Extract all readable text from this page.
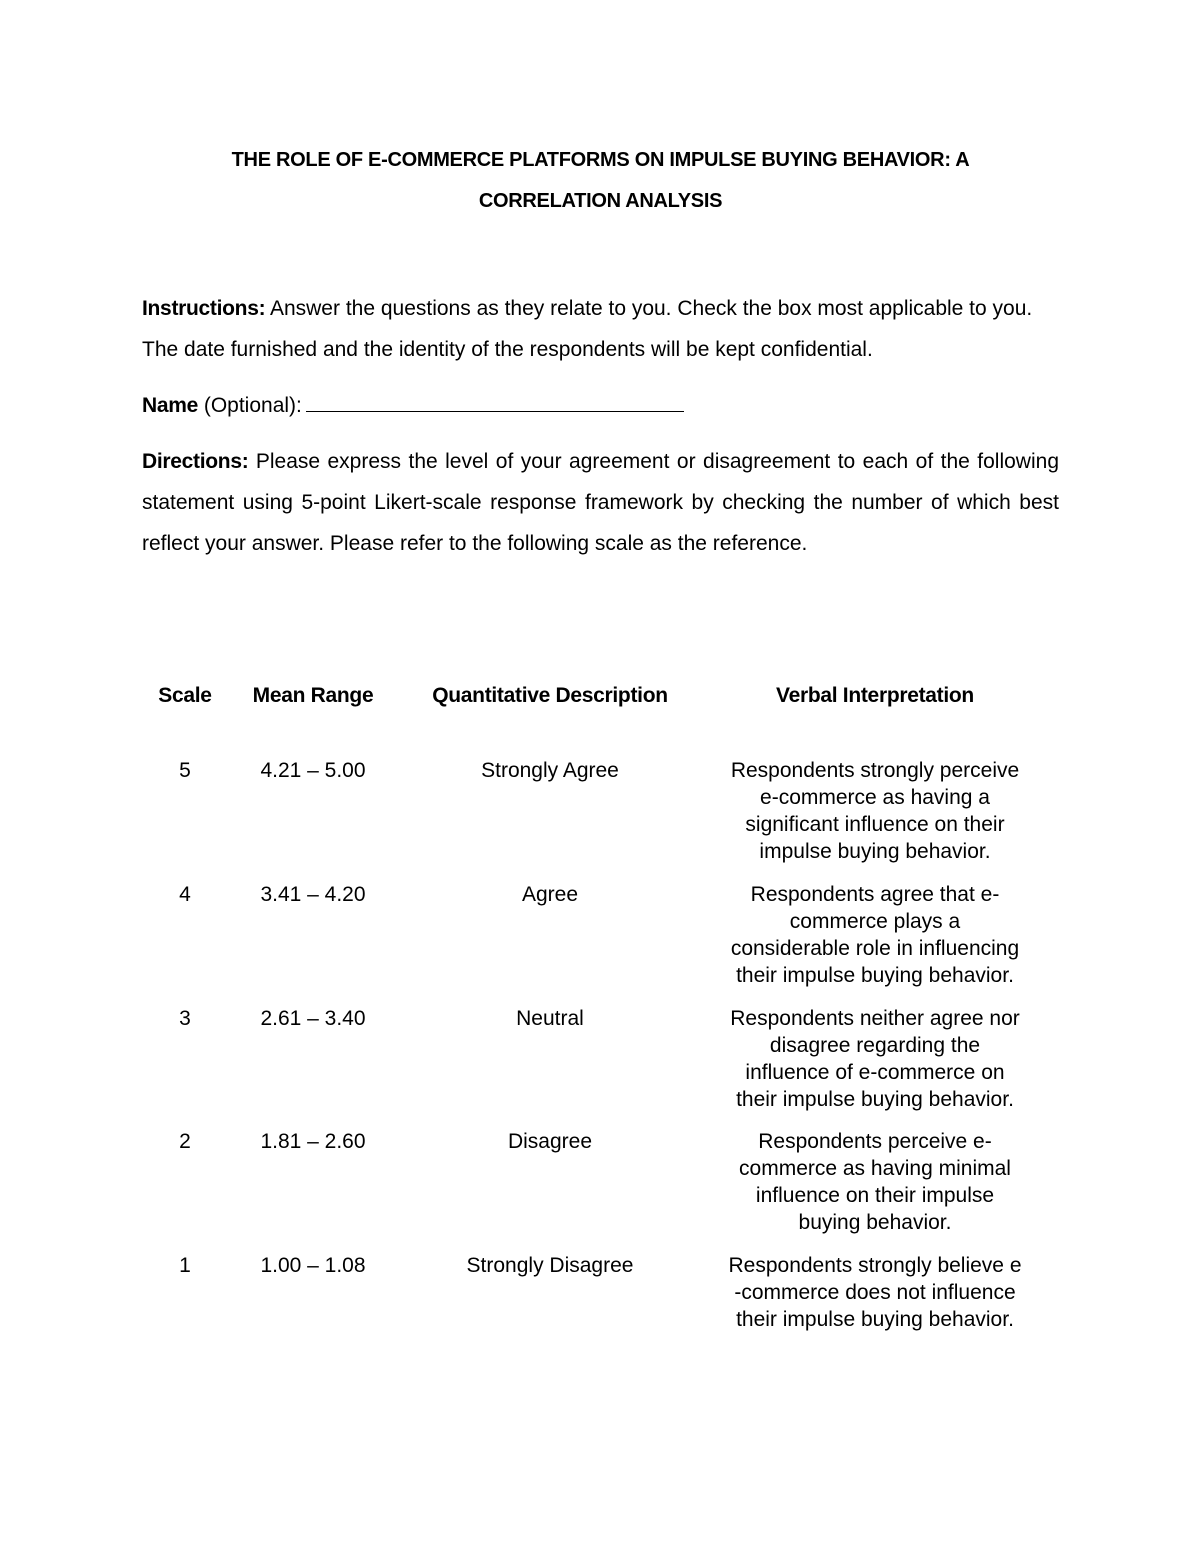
THE ROLE OF E-COMMERCE PLATFORMS ON IMPULSE BUYING BEHAVIOR: A
CORRELATION ANALYSIS
Instructions: Answer the questions as they relate to you. Check the box most applicable to you. The date furnished and the identity of the respondents will be kept confidential.
Name (Optional):
Directions: Please express the level of your agreement or disagreement to each of the following statement using 5-point Likert-scale response framework by checking the number of which best reflect your answer. Please refer to the following scale as the reference.
Scale	Mean Range	Quantitative Description	Verbal Interpretation
5	4.21 – 5.00	Strongly Agree	Respondents strongly perceive
e-commerce as having a
significant influence on their
impulse buying behavior.
4	3.41 – 4.20	Agree	Respondents agree that e-
commerce plays a
considerable role in influencing
their impulse buying behavior.
3	2.61 – 3.40	Neutral	Respondents neither agree nor
disagree regarding the
influence of e-commerce on
their impulse buying behavior.
2	1.81 – 2.60	Disagree	Respondents perceive e-
commerce as having minimal
influence on their impulse
buying behavior.
1	1.00 – 1.08	Strongly Disagree	Respondents strongly believe e
-commerce does not influence
their impulse buying behavior.
